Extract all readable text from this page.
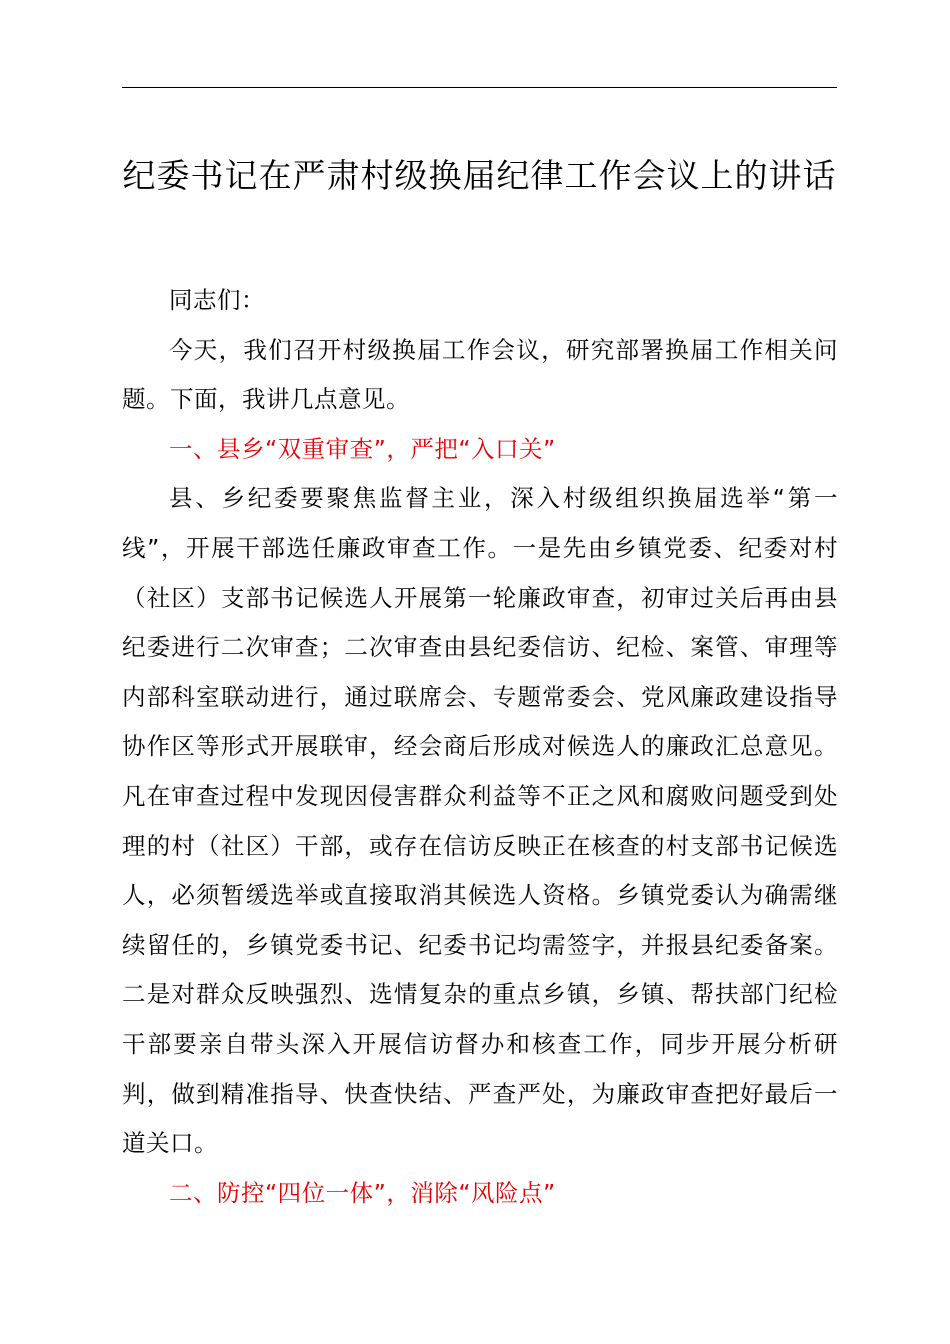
纪委书记在严肃村级换届纪律工作会议上的讲话

同志们：

今天，我们召开村级换届工作会议，研究部署换届工作相关问题。下面，我讲几点意见。

一、县乡“双重审查”，严把“入口关”

县、乡纪委要聚焦监督主业，深入村级组织换届选举“第一线”，开展干部选任廉政审查工作。一是先由乡镇党委、纪委对村（社区）支部书记候选人开展第一轮廉政审查，初审过关后再由县纪委进行二次审查；二次审查由县纪委信访、纪检、案管、审理等内部科室联动进行，通过联席会、专题常委会、党风廉政建设指导协作区等形式开展联审，经会商后形成对候选人的廉政汇总意见。凡在审查过程中发现因侵害群众利益等不正之风和腐败问题受到处理的村（社区）干部，或存在信访反映正在核查的村支部书记候选人，必须暂缓选举或直接取消其候选人资格。乡镇党委认为确需继续留任的，乡镇党委书记、纪委书记均需签字，并报县纪委备案。二是对群众反映强烈、选情复杂的重点乡镇，乡镇、帮扶部门纪检干部要亲自带头深入开展信访督办和核查工作，同步开展分析研判，做到精准指导、快查快结、严查严处，为廉政审查把好最后一道关口。

二、防控“四位一体”，消除“风险点”
